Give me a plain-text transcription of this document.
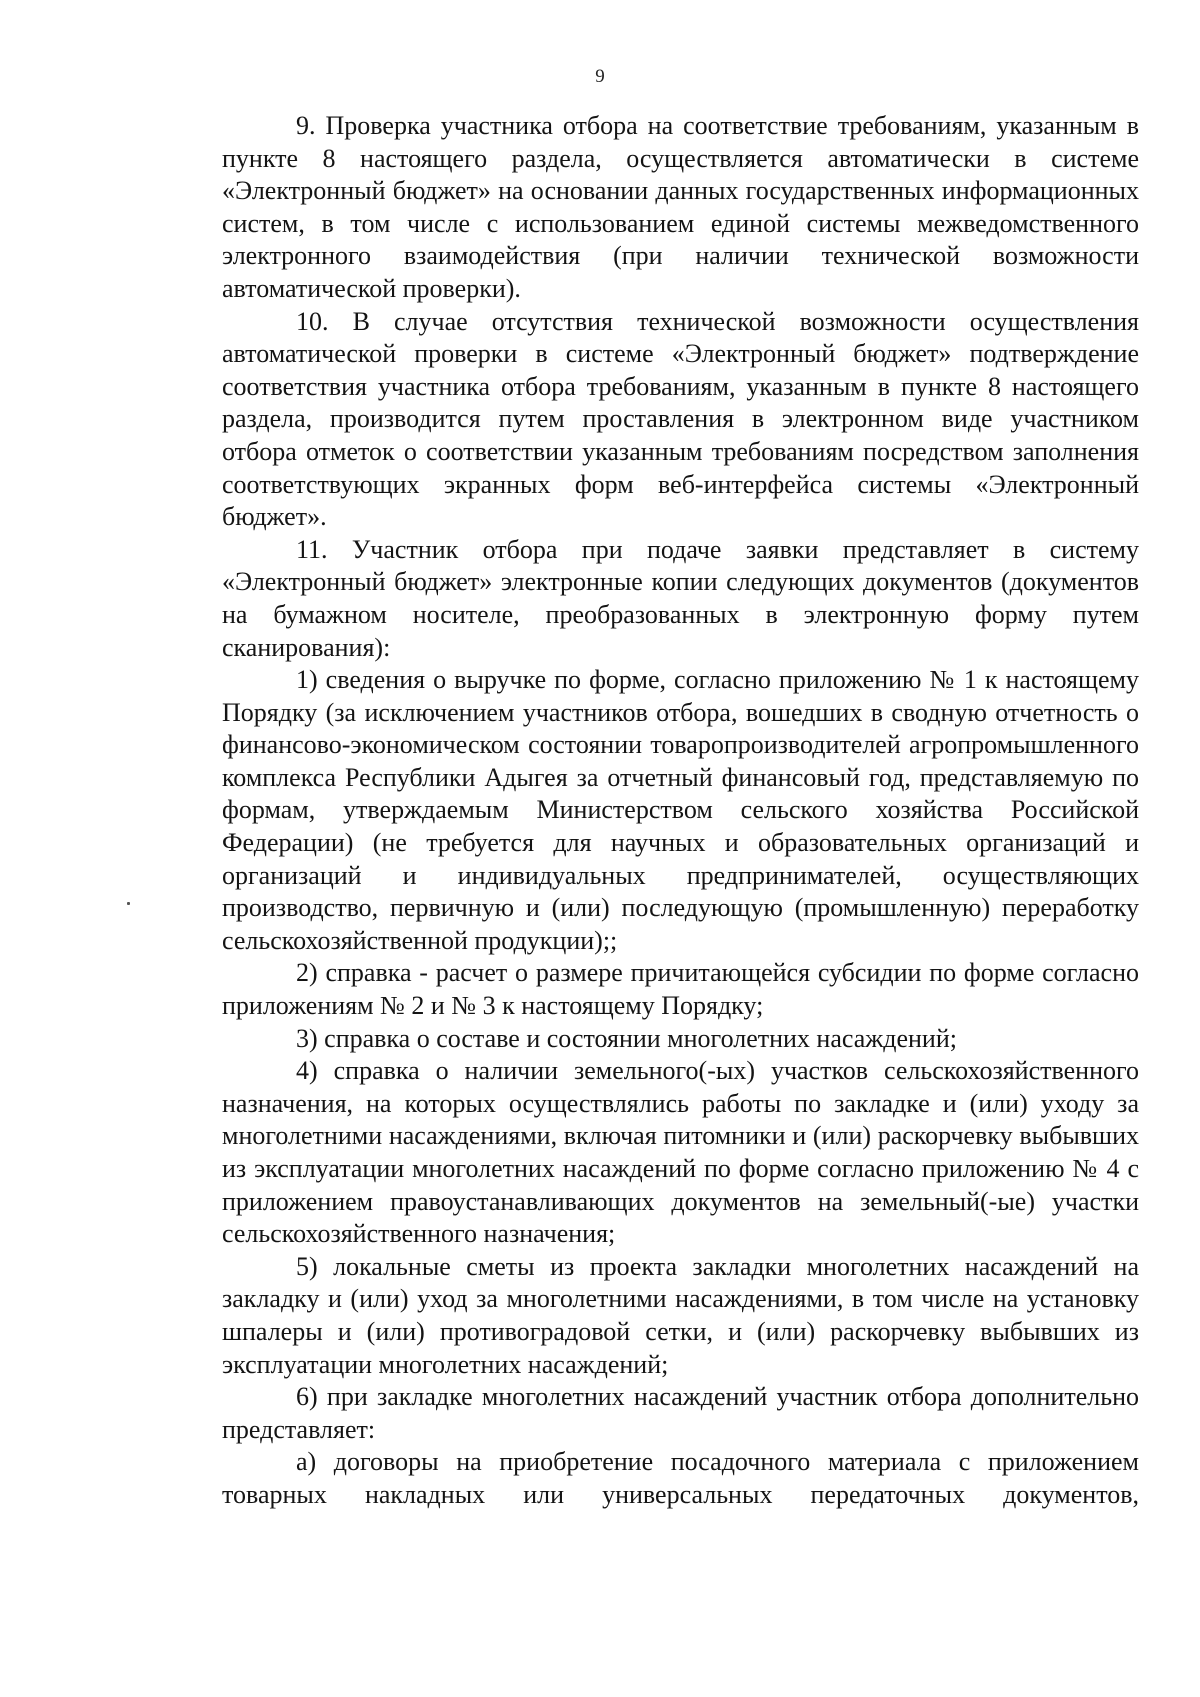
9

9. Проверка участника отбора на соответствие требованиям, указанным в пункте 8 настоящего раздела, осуществляется автоматически в системе «Электронный бюджет» на основании данных государственных информационных систем, в том числе с использованием единой системы межведомственного электронного взаимодействия (при наличии технической возможности автоматической проверки).

10. В случае отсутствия технической возможности осуществления автоматической проверки в системе «Электронный бюджет» подтверждение соответствия участника отбора требованиям, указанным в пункте 8 настоящего раздела, производится путем проставления в электронном виде участником отбора отметок о соответствии указанным требованиям посредством заполнения соответствующих экранных форм веб-интерфейса системы «Электронный бюджет».

11. Участник отбора при подаче заявки представляет в систему «Электронный бюджет» электронные копии следующих документов (документов на бумажном носителе, преобразованных в электронную форму путем сканирования):

1) сведения о выручке по форме, согласно приложению № 1 к настоящему Порядку (за исключением участников отбора, вошедших в сводную отчетность о финансово-экономическом состоянии товаропроизводителей агропромышленного комплекса Республики Адыгея за отчетный финансовый год, представляемую по формам, утверждаемым Министерством сельского хозяйства Российской Федерации) (не требуется для научных и образовательных организаций и организаций и индивидуальных предпринимателей, осуществляющих производство, первичную и (или) последующую (промышленную) переработку сельскохозяйственной продукции);;

2) справка - расчет о размере причитающейся субсидии по форме согласно приложениям № 2 и № 3 к настоящему Порядку;

3) справка о составе и состоянии многолетних насаждений;

4) справка о наличии земельного(-ых) участков сельскохозяйственного назначения, на которых осуществлялись работы по закладке и (или) уходу за многолетними насаждениями, включая питомники и (или) раскорчевку выбывших из эксплуатации многолетних насаждений по форме согласно приложению № 4 с приложением правоустанавливающих документов на земельный(-ые) участки сельскохозяйственного назначения;

5) локальные сметы из проекта закладки многолетних насаждений на закладку и (или) уход за многолетними насаждениями, в том числе на установку шпалеры и (или) противоградовой сетки, и (или) раскорчевку выбывших из эксплуатации многолетних насаждений;

6) при закладке многолетних насаждений участник отбора дополнительно представляет:

а) договоры на приобретение посадочного материала с приложением товарных накладных или универсальных передаточных документов,
